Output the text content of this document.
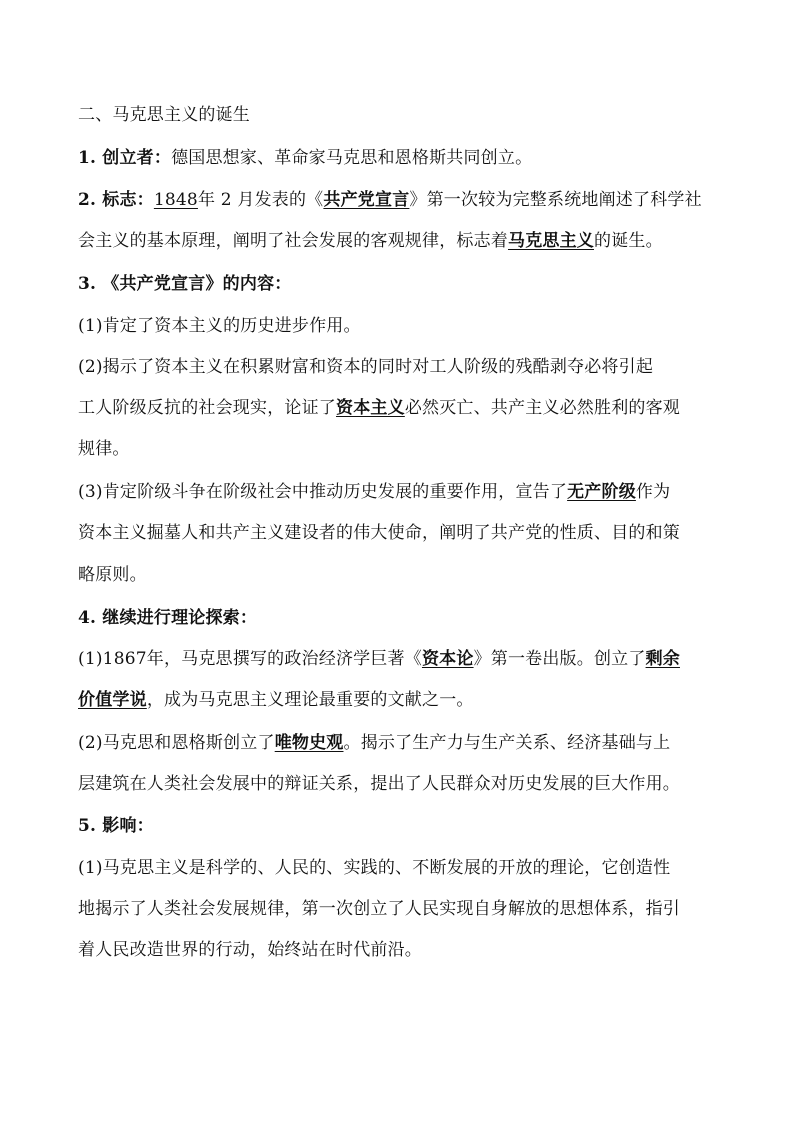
二、马克思主义的诞生
1. 创立者：德国思想家、革命家马克思和恩格斯共同创立。
2. 标志：1848年 2 月发表的《共产党宣言》第一次较为完整系统地阐述了科学社
会主义的基本原理，阐明了社会发展的客观规律，标志着马克思主义的诞生。
3. 《共产党宣言》的内容：
(1)肯定了资本主义的历史进步作用。
(2)揭示了资本主义在积累财富和资本的同时对工人阶级的残酷剥夺必将引起
工人阶级反抗的社会现实，论证了资本主义必然灭亡、共产主义必然胜利的客观
规律。
(3)肯定阶级斗争在阶级社会中推动历史发展的重要作用，宣告了无产阶级作为
资本主义掘墓人和共产主义建设者的伟大使命，阐明了共产党的性质、目的和策
略原则。
4. 继续进行理论探索：
(1)1867年，马克思撰写的政治经济学巨著《资本论》第一卷出版。创立了剩余
价值学说，成为马克思主义理论最重要的文献之一。
(2)马克思和恩格斯创立了唯物史观。揭示了生产力与生产关系、经济基础与上
层建筑在人类社会发展中的辩证关系，提出了人民群众对历史发展的巨大作用。
5. 影响：
(1)马克思主义是科学的、人民的、实践的、不断发展的开放的理论，它创造性
地揭示了人类社会发展规律，第一次创立了人民实现自身解放的思想体系，指引
着人民改造世界的行动，始终站在时代前沿。
